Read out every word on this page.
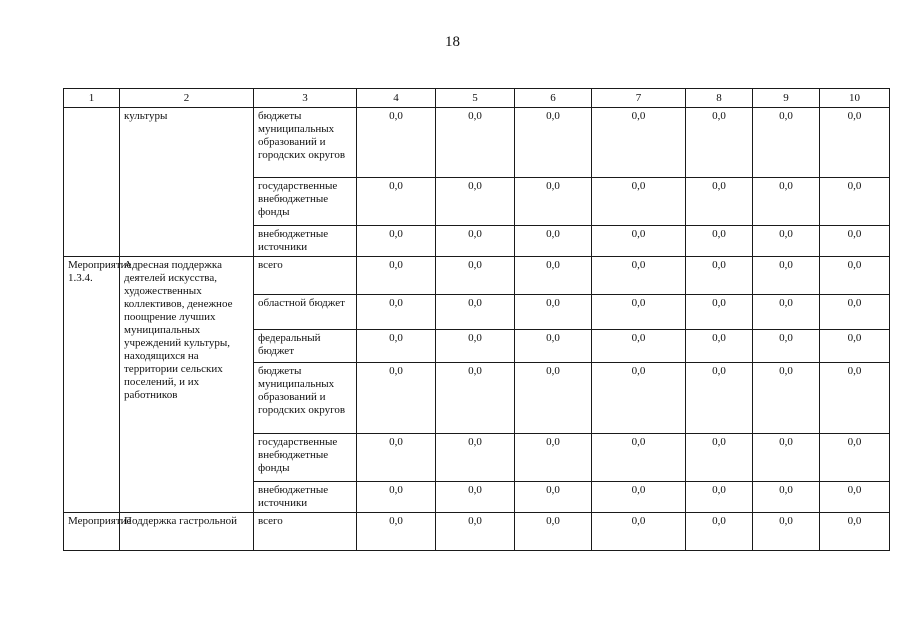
18
1	2	3	4	5	6	7	8	9	10
	культуры	бюджеты муниципальных образований и городских округов	0,0	0,0	0,0	0,0	0,0	0,0	0,0
		государственные внебюджетные фонды	0,0	0,0	0,0	0,0	0,0	0,0	0,0
		внебюджетные источники	0,0	0,0	0,0	0,0	0,0	0,0	0,0
Мероприятие 1.3.4.	Адресная поддержка деятелей искусства, художественных коллективов, денежное поощрение лучших муниципальных учреждений культуры, находящихся на территории сельских поселений, и их работников	всего	0,0	0,0	0,0	0,0	0,0	0,0	0,0
		областной бюджет	0,0	0,0	0,0	0,0	0,0	0,0	0,0
		федеральный бюджет	0,0	0,0	0,0	0,0	0,0	0,0	0,0
		бюджеты муниципальных образований и городских округов	0,0	0,0	0,0	0,0	0,0	0,0	0,0
		государственные внебюджетные фонды	0,0	0,0	0,0	0,0	0,0	0,0	0,0
		внебюджетные источники	0,0	0,0	0,0	0,0	0,0	0,0	0,0
Мероприятие	Поддержка гастрольной	всего	0,0	0,0	0,0	0,0	0,0	0,0	0,0
